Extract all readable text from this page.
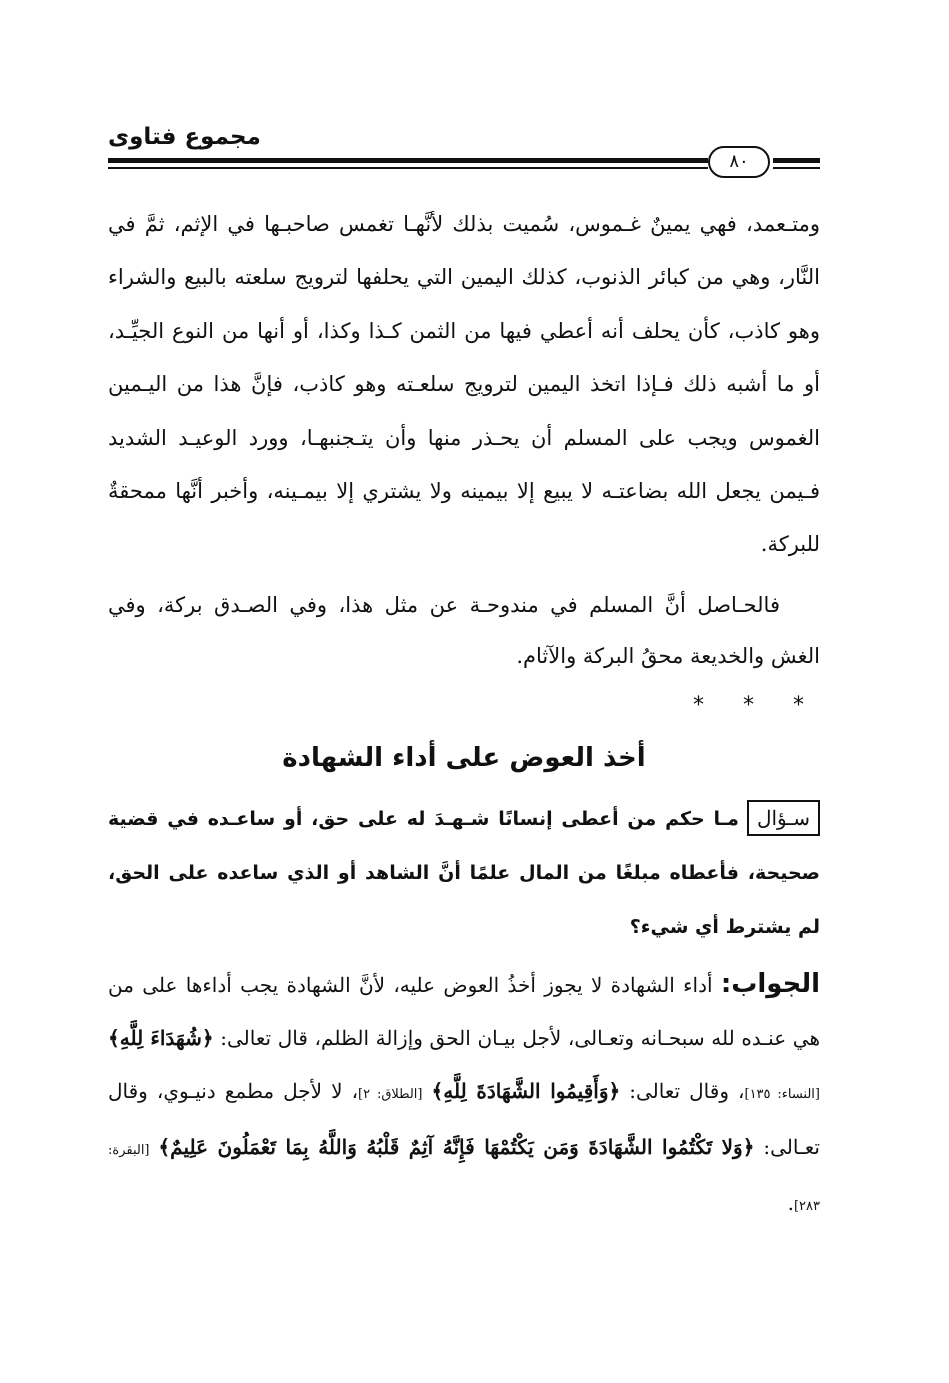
مجموع فتاوى
٨٠

ومتـعمد، فهي يمينٌ غـموس، سُميت بذلك لأنَّهـا تغمس صاحبـها في الإثم، ثمَّ في النَّار، وهي من كبائر الذنوب، كذلك اليمين التي يحلفها لترويج سلعته بالبيع والشراء وهو كاذب، كأن يحلف أنه أعطي فيها من الثمن كـذا وكذا، أو أنها من النوع الجيِّـد، أو ما أشبه ذلك فـإذا اتخذ اليمين لترويج سلعـته وهو كاذب، فإنَّ هذا من اليـمين الغموس ويجب على المسلم أن يحـذر منها وأن يتـجنبهـا، وورد الوعيـد الشديد فـيمن يجعل الله بضاعتـه لا يبيع إلا بيمينه ولا يشتري إلا بيمـينه، وأخبر أنَّها ممحقةٌ للبركة.

فالحـاصل أنَّ المسلم في مندوحـة عن مثل هذا، وفي الصـدق بركة، وفي الغش والخديعة محقُ البركة والآثام.

* * *
أخذ العوض على أداء الشهادة
سـؤالمـا حكم من أعطى إنسانًا شـهـدَ له على حق، أو ساعـده في قضية صحيحة، فأعطاه مبلغًا من المال علمًا أنَّ الشاهد أو الذي ساعده على الحق، لم يشترط أي شيء؟
الجواب: أداء الشهادة لا يجوز أخذُ العوض عليه، لأنَّ الشهادة يجب أداءها على من هي عنـده لله سبحـانه وتعـالى، لأجل بيـان الحق وإزالة الظلم، قال تعالى: ﴿شُهَدَاءَ لِلَّهِ﴾ [النساء: ١٣٥]، وقال تعالى: ﴿وَأَقِيمُوا الشَّهَادَةَ لِلَّهِ﴾ [الطلاق: ٢]، لا لأجل مطمع دنيـوي، وقال تعـالى: ﴿وَلا تَكْتُمُوا الشَّهَادَةَ وَمَن يَكْتُمْهَا فَإِنَّهُ آثِمٌ قَلْبُهُ وَاللَّهُ بِمَا تَعْمَلُونَ عَلِيمٌ﴾ [البقرة: ٢٨٣].
